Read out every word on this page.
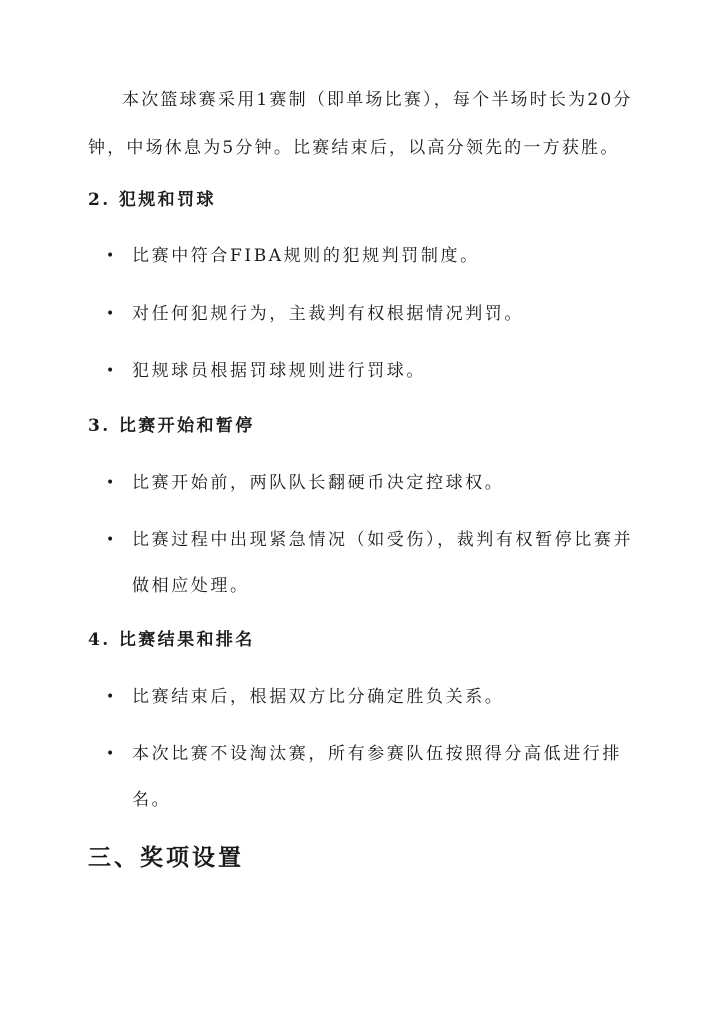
本次篮球赛采用1赛制（即单场比赛），每个半场时长为20分钟，中场休息为5分钟。比赛结束后，以高分领先的一方获胜。

2. 犯规和罚球
• 比赛中符合FIBA规则的犯规判罚制度。
• 对任何犯规行为，主裁判有权根据情况判罚。
• 犯规球员根据罚球规则进行罚球。
3. 比赛开始和暂停
• 比赛开始前，两队队长翻硬币决定控球权。
• 比赛过程中出现紧急情况（如受伤），裁判有权暂停比赛并做相应处理。
4. 比赛结果和排名
• 比赛结束后，根据双方比分确定胜负关系。
• 本次比赛不设淘汰赛，所有参赛队伍按照得分高低进行排名。
三、奖项设置
